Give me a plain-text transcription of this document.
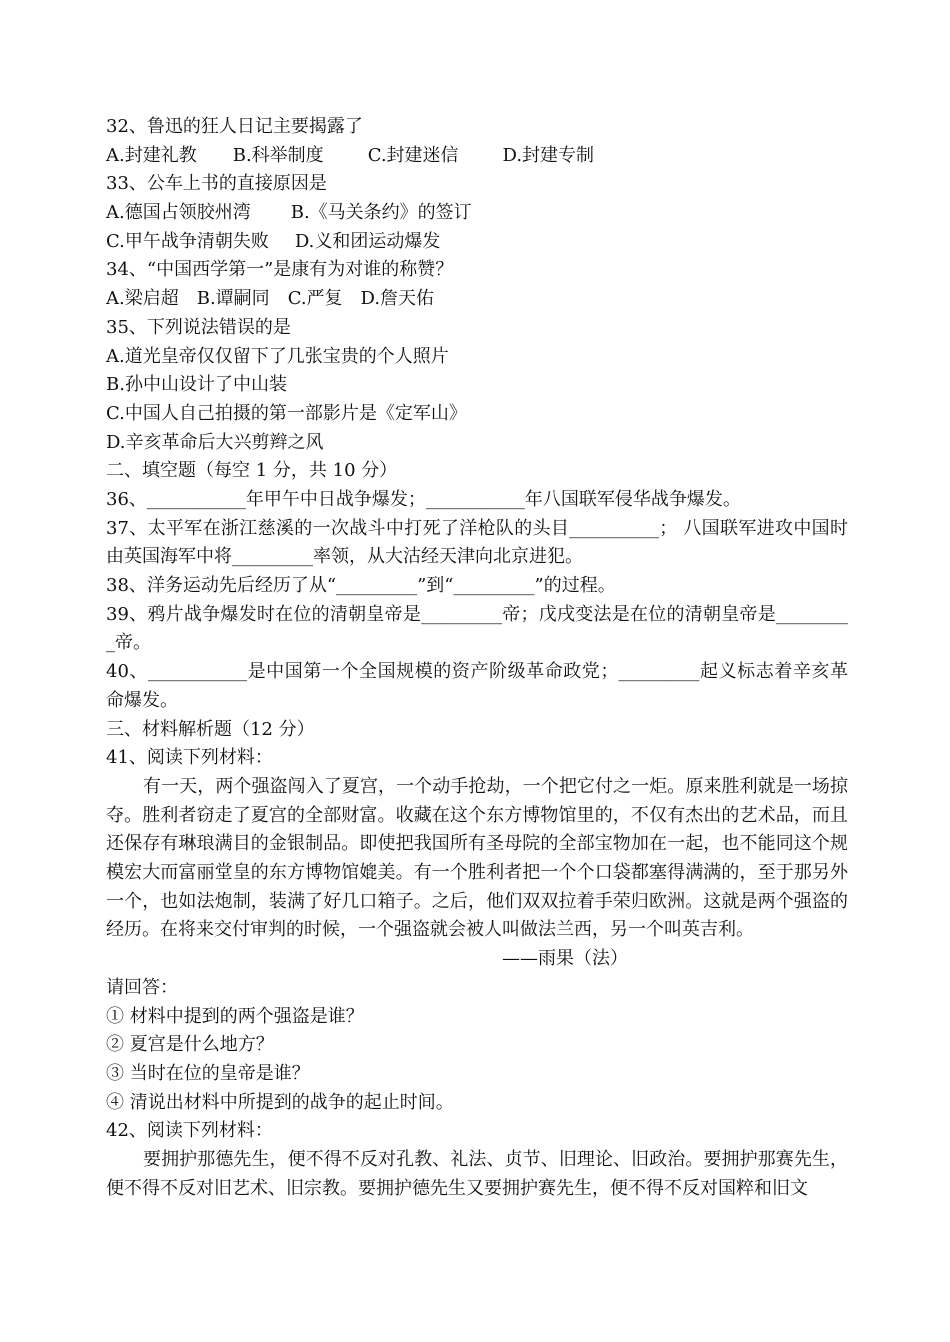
32、鲁迅的狂人日记主要揭露了
A.封建礼教 B.科举制度 C.封建迷信 D.封建专制
33、公车上书的直接原因是
A.德国占领胶州湾 B.《马关条约》的签订
C.甲午战争清朝失败 D.义和团运动爆发
34、“中国西学第一”是康有为对谁的称赞？
A.梁启超 B.谭嗣同 C.严复 D.詹天佑
35、下列说法错误的是
A.道光皇帝仅仅留下了几张宝贵的个人照片
B.孙中山设计了中山装
C.中国人自己拍摄的第一部影片是《定军山》
D.辛亥革命后大兴剪辫之风
二、填空题（每空 1 分，共 10 分）
36、___________年甲午中日战争爆发；___________年八国联军侵华战争爆发。
37、太平军在浙江慈溪的一次战斗中打死了洋枪队的头目__________； 八国联军进攻中国时由英国海军中将_________率领，从大沽经天津向北京进犯。
38、洋务运动先后经历了从“_________”到“_________”的过程。
39、鸦片战争爆发时在位的清朝皇帝是_________帝；戊戌变法是在位的清朝皇帝是_________帝。
40、___________是中国第一个全国规模的资产阶级革命政党；_________起义标志着辛亥革命爆发。
三、材料解析题（12 分）
41、阅读下列材料：
有一天，两个强盗闯入了夏宫，一个动手抢劫，一个把它付之一炬。原来胜利就是一场掠夺。胜利者窃走了夏宫的全部财富。收藏在这个东方博物馆里的，不仅有杰出的艺术品，而且还保存有琳琅满目的金银制品。即使把我国所有圣母院的全部宝物加在一起，也不能同这个规模宏大而富丽堂皇的东方博物馆媲美。有一个胜利者把一个个口袋都塞得满满的，至于那另外一个，也如法炮制，装满了好几口箱子。之后，他们双双拉着手荣归欧洲。这就是两个强盗的经历。在将来交付审判的时候，一个强盗就会被人叫做法兰西，另一个叫英吉利。
——雨果（法）
请回答：
① 材料中提到的两个强盗是谁？
② 夏宫是什么地方？
③ 当时在位的皇帝是谁？
④ 清说出材料中所提到的战争的起止时间。
42、阅读下列材料：
要拥护那德先生，便不得不反对孔教、礼法、贞节、旧理论、旧政治。要拥护那赛先生，便不得不反对旧艺术、旧宗教。要拥护德先生又要拥护赛先生，便不得不反对国粹和旧文
